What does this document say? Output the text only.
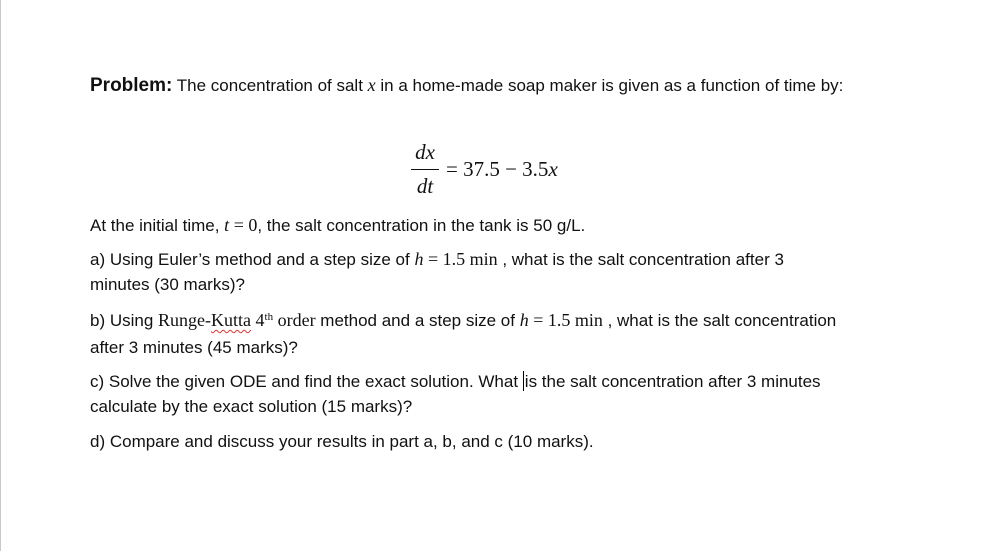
Problem: The concentration of salt x in a home-made soap maker is given as a function of time by:
dx
dt
= 37.5 − 3.5x
At the initial time, t = 0, the salt concentration in the tank is 50 g/L.
a) Using Euler’s method and a step size of h = 1.5 min , what is the salt concentration after 3
minutes (30 marks)?
b) Using Runge-Kutta 4th order method and a step size of h = 1.5 min , what is the salt concentration
after 3 minutes (45 marks)?
c) Solve the given ODE and find the exact solution. What is the salt concentration after 3 minutes
calculate by the exact solution (15 marks)?
d) Compare and discuss your results in part a, b, and c (10 marks).
